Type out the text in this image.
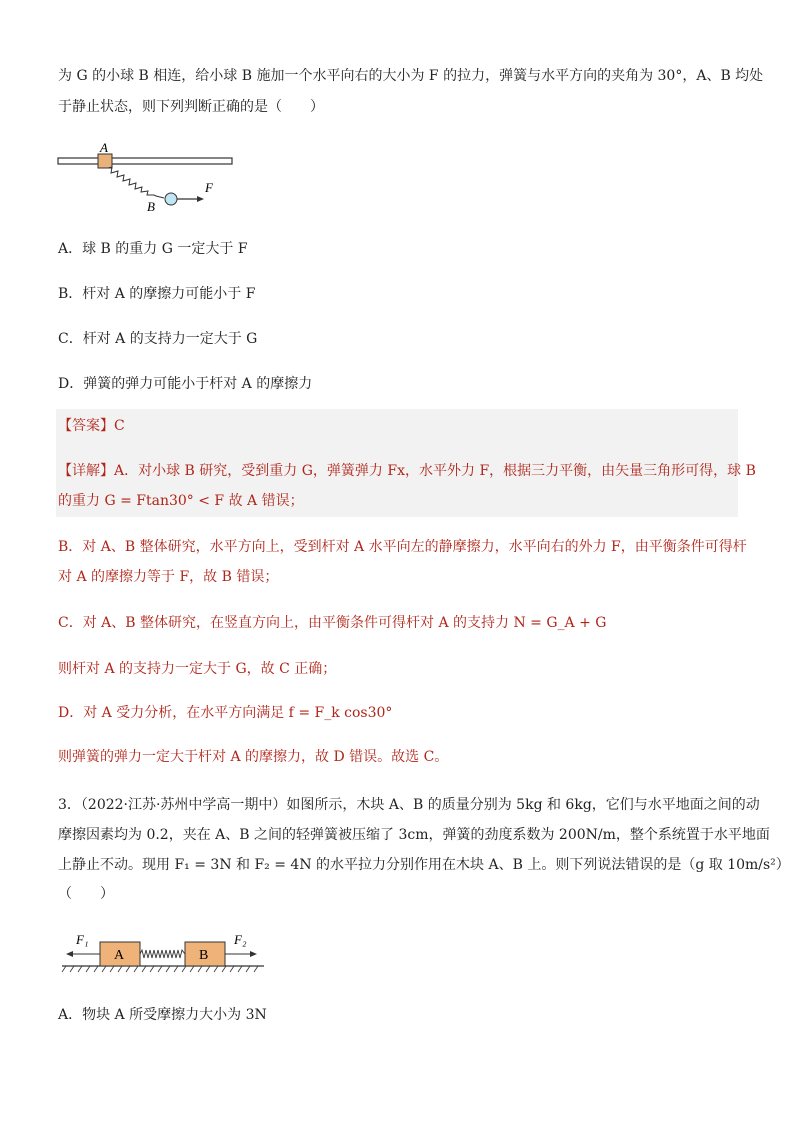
为 G 的小球 B 相连，给小球 B 施加一个水平向右的大小为 F 的拉力，弹簧与水平方向的夹角为 30°，A、B 均处
于静止状态，则下列判断正确的是（　　）
A
B
F
A．球 B 的重力 G 一定大于 F
B．杆对 A 的摩擦力可能小于 F
C．杆对 A 的支持力一定大于 G
D．弹簧的弹力可能小于杆对 A 的摩擦力
【答案】C
【详解】A．对小球 B 研究，受到重力 G，弹簧弹力 Fx，水平外力 F，根据三力平衡，由矢量三角形可得，球 B
的重力 G = Ftan30° < F 故 A 错误；
B．对 A、B 整体研究，水平方向上，受到杆对 A 水平向左的静摩擦力，水平向右的外力 F，由平衡条件可得杆
对 A 的摩擦力等于 F，故 B 错误；
C．对 A、B 整体研究，在竖直方向上，由平衡条件可得杆对 A 的支持力 N = G_A + G
则杆对 A 的支持力一定大于 G，故 C 正确；
D．对 A 受力分析，在水平方向满足 f = F_k cos30°
则弹簧的弹力一定大于杆对 A 的摩擦力，故 D 错误。故选 C。
3．（2022·江苏·苏州中学高一期中）如图所示，木块 A、B 的质量分别为 5kg 和 6kg，它们与水平地面之间的动
摩擦因素均为 0.2，夹在 A、B 之间的轻弹簧被压缩了 3cm，弹簧的劲度系数为 200N/m，整个系统置于水平地面
上静止不动。现用 F₁ = 3N 和 F₂ = 4N 的水平拉力分别作用在木块 A、B 上。则下列说法错误的是（g 取 10m/s²）
（　　）
A	B
F₁	F₂
A．物块 A 所受摩擦力大小为 3N
